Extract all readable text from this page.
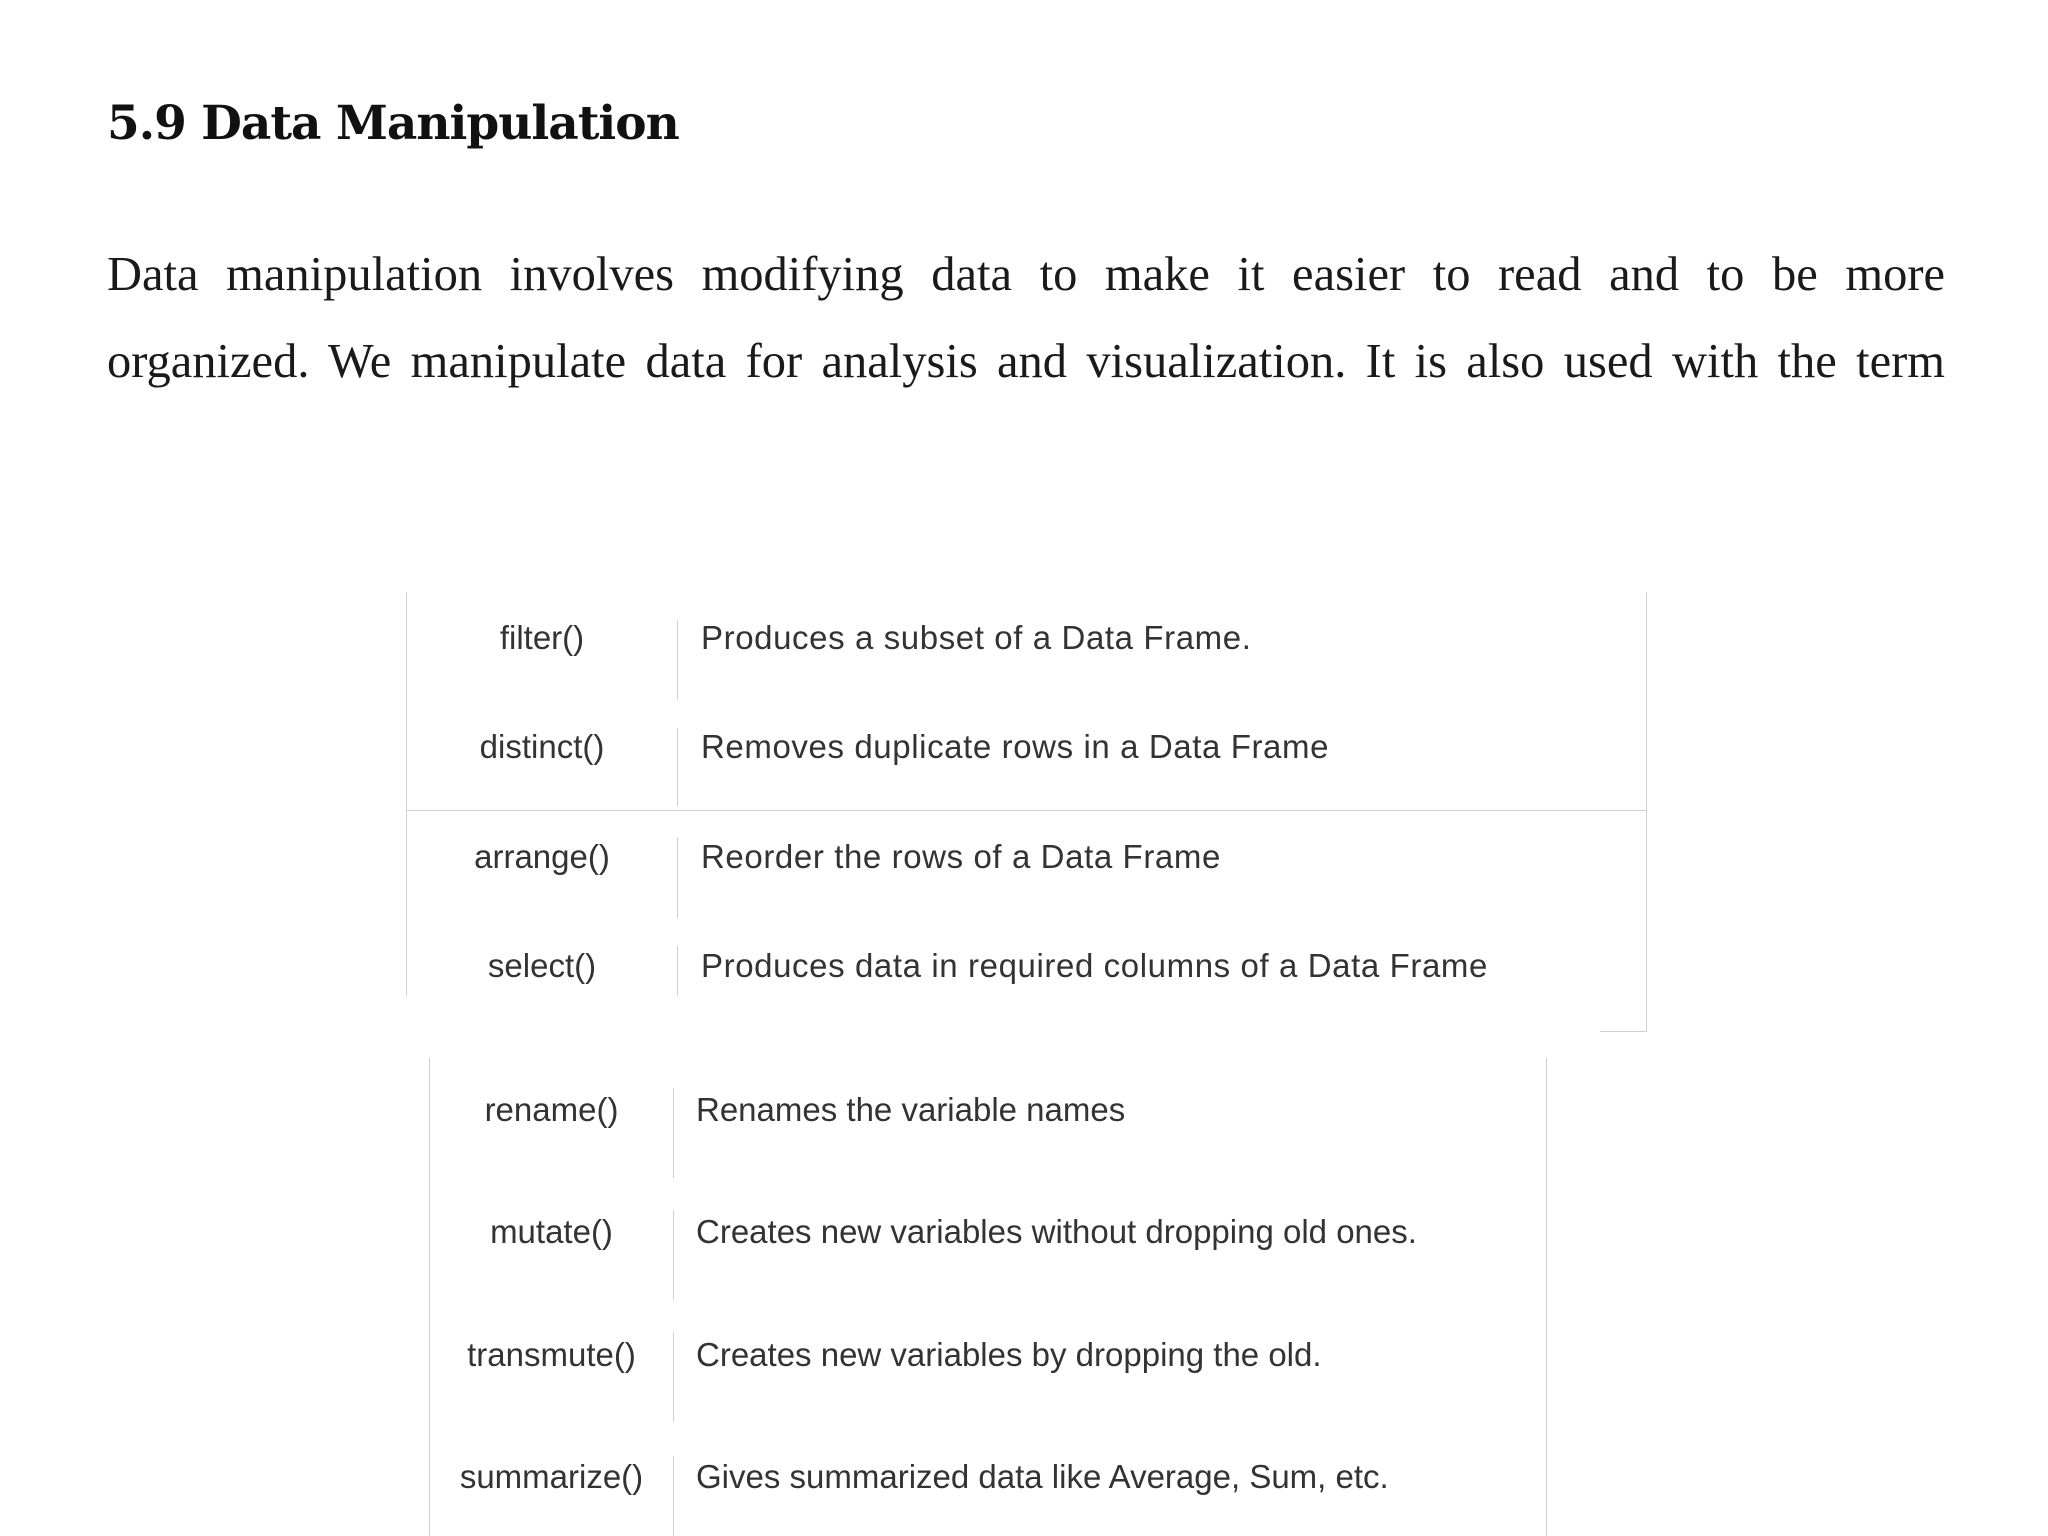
5.9 Data Manipulation

Data manipulation involves modifying data to make it easier to read and to be more

organized. We manipulate data for analysis and visualization. It is also used with the term

filter()	Produces a subset of a Data Frame.
distinct()	Removes duplicate rows in a Data Frame
arrange()	Reorder the rows of a Data Frame
select()	Produces data in required columns of a Data Frame
rename()	Renames the variable names
mutate()	Creates new variables without dropping old ones.
transmute()	Creates new variables by dropping the old.
summarize()	Gives summarized data like Average, Sum, etc.
